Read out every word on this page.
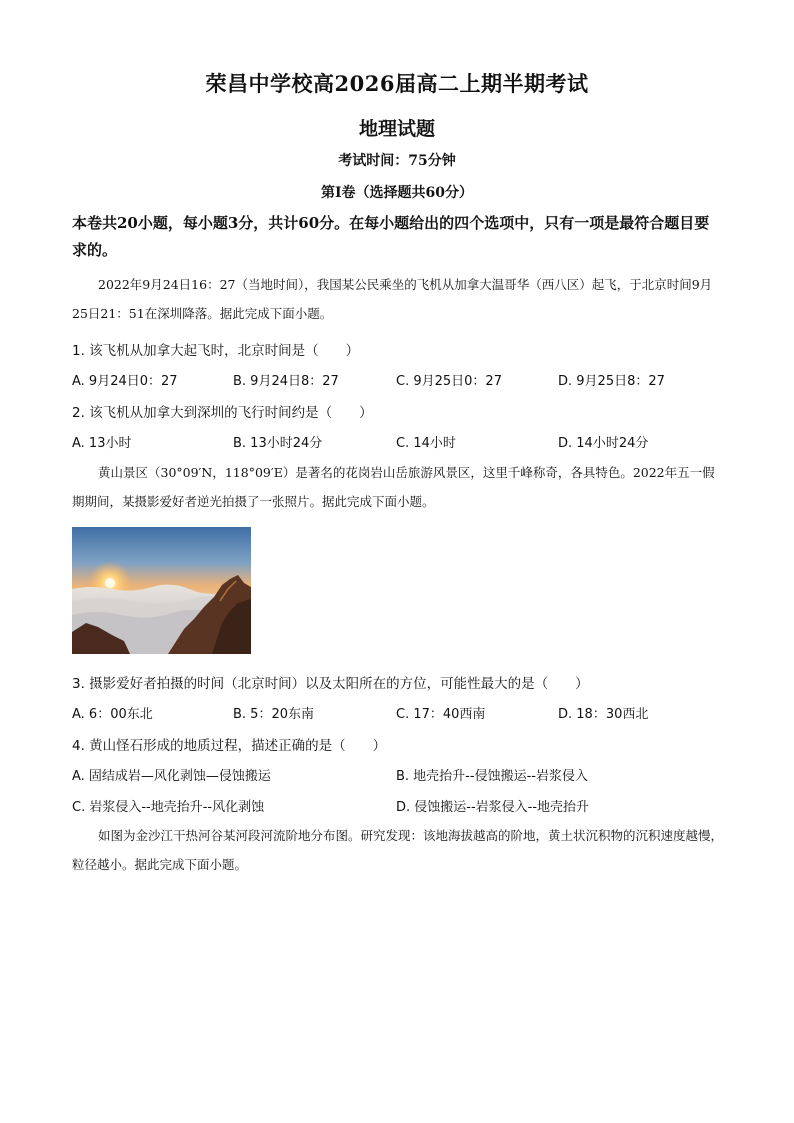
荣昌中学校高2026届高二上期半期考试
地理试题
考试时间：75分钟
第Ⅰ卷（选择题共60分）
本卷共20小题，每小题3分，共计60分。在每小题给出的四个选项中，只有一项是最符合题目要求的。
2022年9月24日16：27（当地时间），我国某公民乘坐的飞机从加拿大温哥华（西八区）起飞，于北京时间9月25日21：51在深圳降落。据此完成下面小题。
1. 该飞机从加拿大起飞时，北京时间是（　　）
A. 9月24日0：27	B. 9月24日8：27	C. 9月25日0：27	D. 9月25日8：27
2. 该飞机从加拿大到深圳的飞行时间约是（　　）
A. 13小时	B. 13小时24分	C. 14小时	D. 14小时24分
黄山景区（30°09′N，118°09′E）是著名的花岗岩山岳旅游风景区，这里千峰称奇，各具特色。2022年五一假期期间，某摄影爱好者逆光拍摄了一张照片。据此完成下面小题。
3. 摄影爱好者拍摄的时间（北京时间）以及太阳所在的方位，可能性最大的是（　　）
A. 6：00东北	B. 5：20东南	C. 17：40西南	D. 18：30西北
4. 黄山怪石形成的地质过程，描述正确的是（　　）
A. 固结成岩—风化剥蚀—侵蚀搬运	B. 地壳抬升--侵蚀搬运--岩浆侵入
C. 岩浆侵入--地壳抬升--风化剥蚀	D. 侵蚀搬运--岩浆侵入--地壳抬升
如图为金沙江干热河谷某河段河流阶地分布图。研究发现：该地海拔越高的阶地，黄土状沉积物的沉积速度越慢，粒径越小。据此完成下面小题。
